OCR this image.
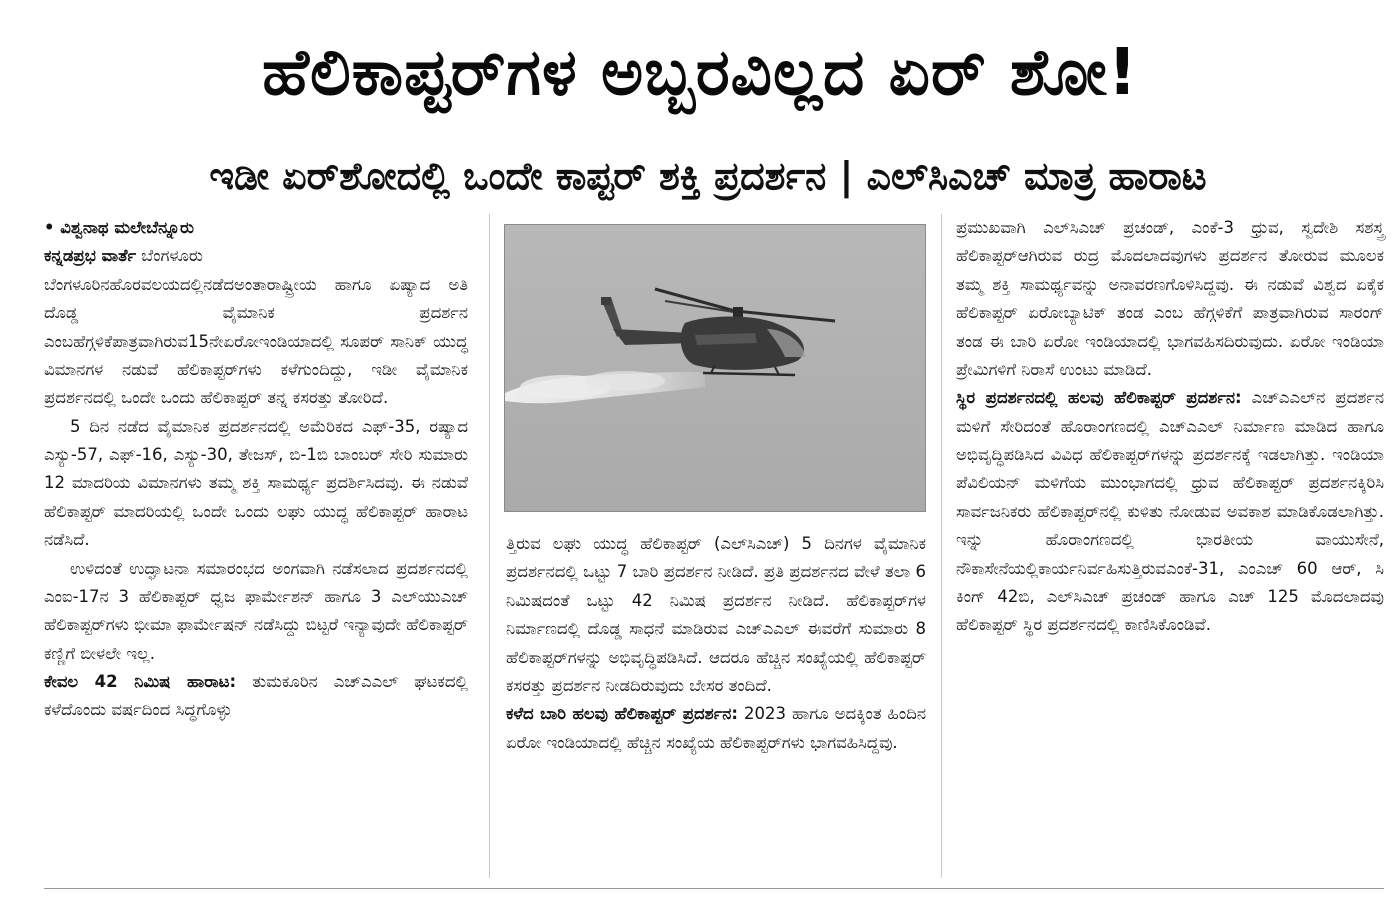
ಹೆಲಿಕಾಪ್ಟರ್‌ಗಳ ಅಬ್ಬರವಿಲ್ಲದ ಏರ್ ಶೋ!
ಇಡೀ ಏರ್‌ಶೋದಲ್ಲಿ ಒಂದೇ ಕಾಪ್ಟರ್ ಶಕ್ತಿ ಪ್ರದರ್ಶನ | ಎಲ್‌ಸಿಎಚ್ ಮಾತ್ರ ಹಾರಾಟ
• ವಿಶ್ವನಾಥ ಮಲೇಬೆನ್ನೂರು
ಕನ್ನಡಪ್ರಭ ವಾರ್ತೆ ಬೆಂಗಳೂರು

ಬೆಂಗಳೂರಿನಹೊರವಲಯದಲ್ಲಿನಡೆದಅಂತಾರಾಷ್ಟ್ರೀಯ ಹಾಗೂ ಏಷ್ಯಾದ ಅತಿ ದೊಡ್ಡ ವೈಮಾನಿಕ ಪ್ರದರ್ಶನ ಎಂಬಹೆಗ್ಗಳಿಕೆಪಾತ್ರವಾಗಿರುವ15ನೇಏರೋಇಂಡಿಯಾದಲ್ಲಿ ಸೂಪರ್ ಸಾನಿಕ್ ಯುದ್ಧ ವಿಮಾನಗಳ ನಡುವೆ ಹೆಲಿಕಾಪ್ಟರ್‌ಗಳು ಕಳೆಗುಂದಿದ್ದು, ಇಡೀ ವೈಮಾನಿಕ ಪ್ರದರ್ಶನದಲ್ಲಿ ಒಂದೇ ಒಂದು ಹೆಲಿಕಾಪ್ಟರ್ ತನ್ನ ಕಸರತ್ತು ತೋರಿದೆ.

5 ದಿನ ನಡೆದ ವೈಮಾನಿಕ ಪ್ರದರ್ಶನದಲ್ಲಿ ಅಮೆರಿಕದ ಎಫ್‌-35, ರಷ್ಯಾದ ಎಸ್ಯು-57, ಎಫ್‌-16, ಎಸ್ಯು-30, ತೇಜಸ್, ಬಿ-1ಬಿ ಬಾಂಬರ್ ಸೇರಿ ಸುಮಾರು 12 ಮಾದರಿಯ ವಿಮಾನಗಳು ತಮ್ಮ ಶಕ್ತಿ ಸಾಮರ್ಥ್ಯ ಪ್ರದರ್ಶಿಸಿದವು. ಈ ನಡುವೆ ಹೆಲಿಕಾಪ್ಟರ್ ಮಾದರಿಯಲ್ಲಿ ಒಂದೇ ಒಂದು ಲಘು ಯುದ್ಧ ಹೆಲಿಕಾಪ್ಟರ್ ಹಾರಾಟ ನಡೆಸಿದೆ.

ಉಳಿದಂತೆ ಉದ್ಘಾಟನಾ ಸಮಾರಂಭದ ಅಂಗವಾಗಿ ನಡೆಸಲಾದ ಪ್ರದರ್ಶನದಲ್ಲಿ ಎಂಐ-17ನ 3 ಹೆಲಿಕಾಪ್ಟರ್ ಧ್ವಜ ಫಾರ್ಮೇಶನ್ ಹಾಗೂ 3 ಎಲ್‌ಯುಎಚ್ ಹೆಲಿಕಾಪ್ಟರ್‌ಗಳು ಭೀಮಾ ಫಾರ್ಮೇಷನ್ ನಡೆಸಿದ್ದು ಬಿಟ್ಟರೆ ಇನ್ಯಾವುದೇ ಹೆಲಿಕಾಪ್ಟರ್ ಕಣ್ಣಿಗೆ ಬೀಳಲೇ ಇಲ್ಲ.

ಕೇವಲ 42 ನಿಮಿಷ ಹಾರಾಟ: ತುಮಕೂರಿನ ಎಚ್‌ಎಎಲ್ ಘಟಕದಲ್ಲಿ ಕಳೆದೊಂದು ವರ್ಷದಿಂದ ಸಿದ್ಧಗೊಳ್ಳು

ತ್ತಿರುವ ಲಘು ಯುದ್ಧ ಹೆಲಿಕಾಪ್ಟರ್ (ಎಲ್‌ಸಿಎಚ್) 5 ದಿನಗಳ ವೈಮಾನಿಕ ಪ್ರದರ್ಶನದಲ್ಲಿ ಒಟ್ಟು 7 ಬಾರಿ ಪ್ರದರ್ಶನ ನೀಡಿದೆ. ಪ್ರತಿ ಪ್ರದರ್ಶನದ ವೇಳೆ ತಲಾ 6 ನಿಮಿಷದಂತೆ ಒಟ್ಟು 42 ನಿಮಿಷ ಪ್ರದರ್ಶನ ನೀಡಿದೆ. ಹೆಲಿಕಾಪ್ಟರ್‌ಗಳ ನಿರ್ಮಾಣದಲ್ಲಿ ದೊಡ್ಡ ಸಾಧನೆ ಮಾಡಿರುವ ಎಚ್‌ಎಎಲ್ ಈವರೆಗೆ ಸುಮಾರು 8 ಹೆಲಿಕಾಪ್ಟರ್‌ಗಳನ್ನು ಅಭಿವೃದ್ಧಿಪಡಿಸಿದೆ. ಆದರೂ ಹೆಚ್ಚಿನ ಸಂಖ್ಯೆಯಲ್ಲಿ ಹೆಲಿಕಾಪ್ಟರ್ ಕಸರತ್ತು ಪ್ರದರ್ಶನ ನೀಡದಿರುವುದು ಬೇಸರ ತಂದಿದೆ.

ಕಳೆದ ಬಾರಿ ಹಲವು ಹೆಲಿಕಾಪ್ಟರ್ ಪ್ರದರ್ಶನ: 2023 ಹಾಗೂ ಅದಕ್ಕಿಂತ ಹಿಂದಿನ ಏರೋ ಇಂಡಿಯಾದಲ್ಲಿ ಹೆಚ್ಚಿನ ಸಂಖ್ಯೆಯ ಹೆಲಿಕಾಪ್ಟರ್‌ಗಳು ಭಾಗವಹಿಸಿದ್ದವು.

ಪ್ರಮುಖವಾಗಿ ಎಲ್‌ಸಿಎಚ್ ಪ್ರಚಂಡ್, ಎಂಕೆ-3 ಧ್ರುವ, ಸ್ವದೇಶಿ ಸಶಸ್ತ್ರ ಹೆಲಿಕಾಪ್ಟರ್‌ಆಗಿರುವ ರುದ್ರ ಮೊದಲಾದವುಗಳು ಪ್ರದರ್ಶನ ತೋರುವ ಮೂಲಕ ತಮ್ಮ ಶಕ್ತಿ ಸಾಮರ್ಥ್ಯವನ್ನು ಅನಾವರಣಗೊಳಿಸಿದ್ದವು. ಈ ನಡುವೆ ವಿಶ್ವದ ಏಕೈಕ ಹೆಲಿಕಾಪ್ಟರ್ ಏರೋಬ್ಯಾಟಿಕ್ ತಂಡ ಎಂಬ ಹೆಗ್ಗಳಿಕೆಗೆ ಪಾತ್ರವಾಗಿರುವ ಸಾರಂಗ್ ತಂಡ ಈ ಬಾರಿ ಏರೋ ಇಂಡಿಯಾದಲ್ಲಿ ಭಾಗವಹಿಸದಿರುವುದು. ಏರೋ ಇಂಡಿಯಾ ಪ್ರೇಮಿಗಳಿಗೆ ನಿರಾಸೆ ಉಂಟು ಮಾಡಿದೆ.

ಸ್ಥಿರ ಪ್ರದರ್ಶನದಲ್ಲಿ ಹಲವು ಹೆಲಿಕಾಪ್ಟರ್ ಪ್ರದರ್ಶನ: ಎಚ್‌ಎಎಲ್‌ನ ಪ್ರದರ್ಶನ ಮಳಿಗೆ ಸೇರಿದಂತೆ ಹೊರಾಂಗಣದಲ್ಲಿ ಎಚ್‌ಎಎಲ್ ನಿರ್ಮಾಣ ಮಾಡಿದ ಹಾಗೂ ಅಭಿವೃದ್ಧಿಪಡಿಸಿದ ವಿವಿಧ ಹೆಲಿಕಾಪ್ಟರ್‌ಗಳನ್ನು ಪ್ರದರ್ಶನಕ್ಕೆ ಇಡಲಾಗಿತ್ತು. ಇಂಡಿಯಾ ಪೆವಿಲಿಯನ್ ಮಳಿಗೆಯ ಮುಂಭಾಗದಲ್ಲಿ ಧ್ರುವ ಹೆಲಿಕಾಪ್ಟರ್ ಪ್ರದರ್ಶನಕ್ಕಿರಿಸಿ ಸಾರ್ವಜನಿಕರು ಹೆಲಿಕಾಪ್ಟರ್‌ನಲ್ಲಿ ಕುಳಿತು ನೋಡುವ ಅವಕಾಶ ಮಾಡಿಕೊಡಲಾಗಿತ್ತು. ಇನ್ನು ಹೊರಾಂಗಣದಲ್ಲಿ ಭಾರತೀಯ ವಾಯುಸೇನೆ, ನೌಕಾಸೇನೆಯಲ್ಲಿಕಾರ್ಯನಿರ್ವಹಿಸುತ್ತಿರುವಎಂಕೆ-31, ಎಂಎಚ್ 60 ಆರ್, ಸಿ ಕಿಂಗ್ 42ಬಿ, ಎಲ್‌ಸಿಎಚ್ ಪ್ರಚಂಡ್ ಹಾಗೂ ಎಚ್ 125 ಮೊದಲಾದವು ಹೆಲಿಕಾಪ್ಟರ್ ಸ್ಥಿರ ಪ್ರದರ್ಶನದಲ್ಲಿ ಕಾಣಿಸಿಕೊಂಡಿವೆ.
